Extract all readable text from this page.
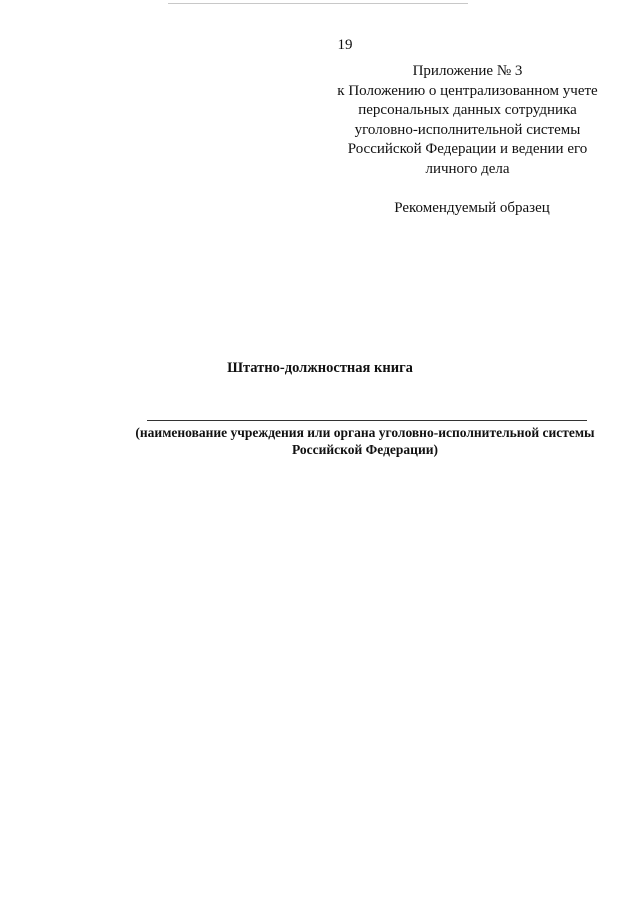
19
Приложение № 3
к Положению о централизованном учете
персональных данных сотрудника
уголовно-исполнительной системы
Российской Федерации и ведении его
личного дела
Рекомендуемый образец
Штатно-должностная книга
(наименование учреждения или органа уголовно-исполнительной системы
Российской Федерации)
